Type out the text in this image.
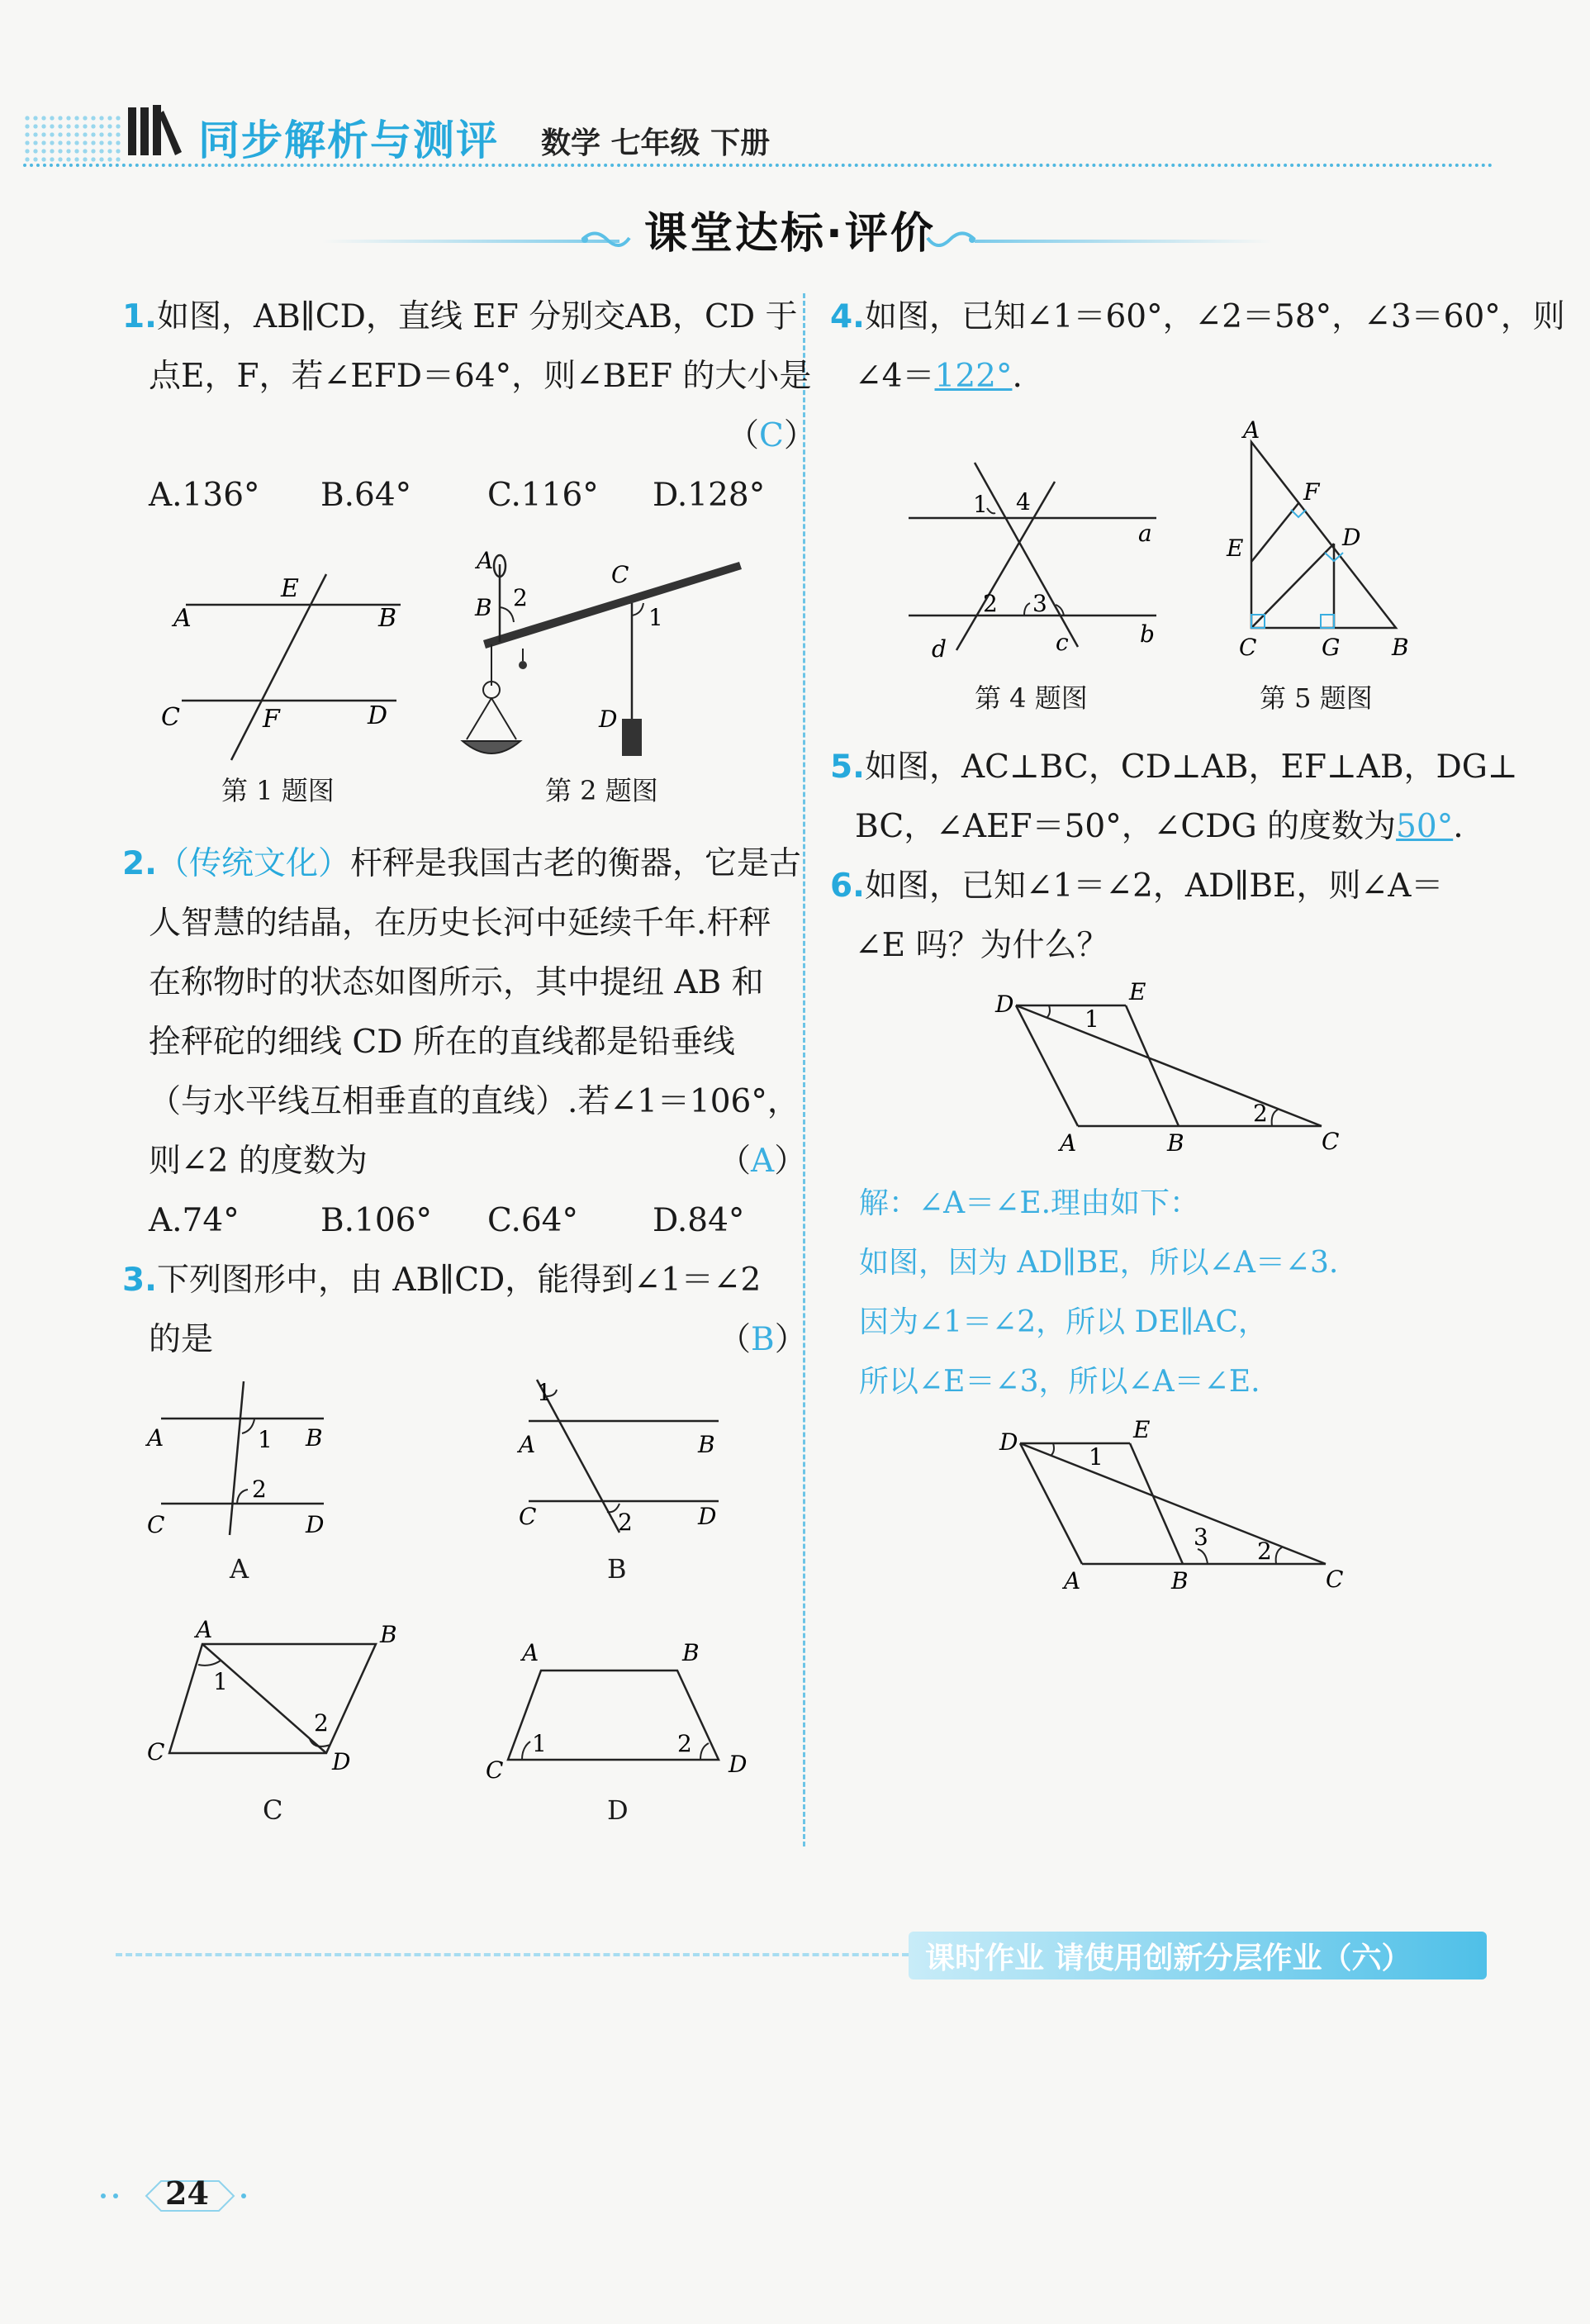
同步解析与测评 数学 七年级 下册
课堂达标·评价
1.如图，AB∥CD，直线 EF 分别交AB，CD 于
点E，F，若∠EFD＝64°，则∠BEF 的大小是
（C）
A.136° B.64° C.116° D.128°
A	B
E
C	F	D
第 1 题图
A
B 2
C
1
D
第 2 题图
2.（传统文化）杆秤是我国古老的衡器，它是古
人智慧的结晶，在历史长河中延续千年.杆秤
在称物时的状态如图所示，其中提纽 AB 和
拴秤砣的细线 CD 所在的直线都是铅垂线
（与水平线互相垂直的直线）.若∠1＝106°，
则∠2 的度数为	（A）
A.74°	B.106° C.64° D.84°
3.下列图形中，由 AB∥CD，能得到∠1＝∠2
的是	（B）
A	B
1
2
C	D
A
1
A	B
C	2	D
B
A	B
1
2
C	D
C
A	B
1	2
C	D
D
4.如图，已知∠1＝60°，∠2＝58°，∠3＝60°，则
∠4＝122°.
1 4
a
2 3
d	c	b
第 4 题图
A
F
E	D
C	G B
第 5 题图
5.如图，AC⊥BC，CD⊥AB，EF⊥AB，DG⊥
BC，∠AEF＝50°，∠CDG 的度数为50°.
6.如图，已知∠1＝∠2，AD∥BE，则∠A＝
∠E 吗？为什么？
D	E
1
2
A	B	C
解：∠A＝∠E.理由如下：
如图，因为 AD∥BE，所以∠A＝∠3.
因为∠1＝∠2，所以 DE∥AC，
所以∠E＝∠3，所以∠A＝∠E.
D	E
1
3
2
A	B	C
课时作业 请使用创新分层作业（六）
24
